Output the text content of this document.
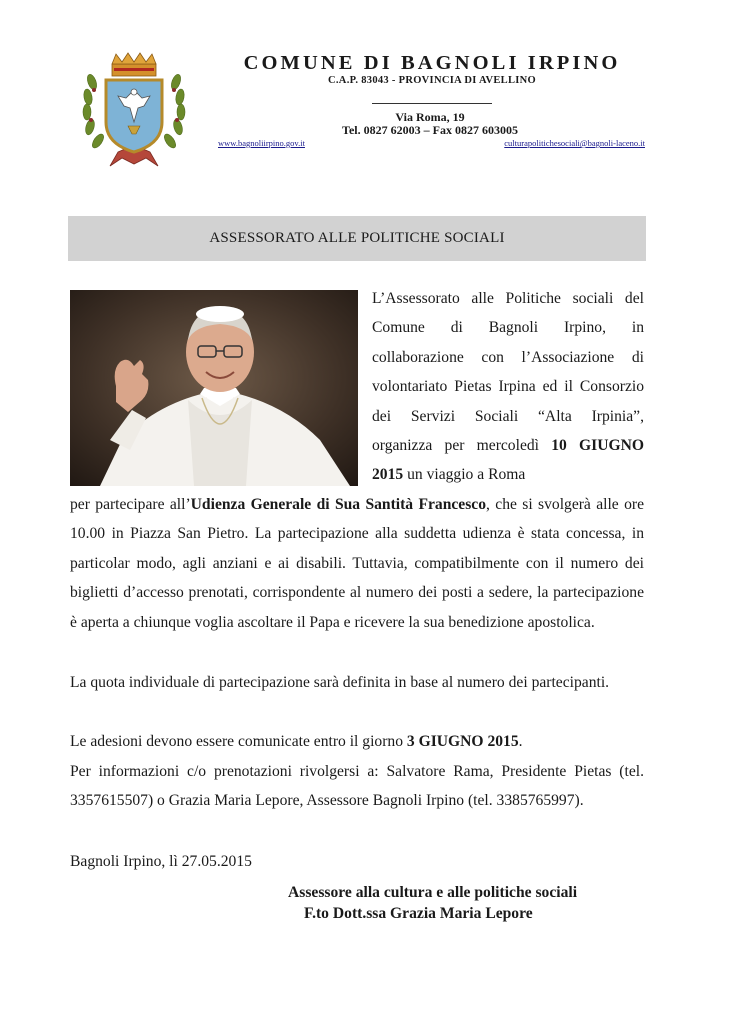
COMUNE DI BAGNOLI IRPINO
C.A.P. 83043 - PROVINCIA DI AVELLINO
Via Roma, 19
Tel. 0827 62003 – Fax 0827 603005
www.bagnoliirpino.gov.it	culturapolitichesociali@bagnoli-laceno.it
ASSESSORATO ALLE POLITICHE SOCIALI

L’Assessorato alle Politiche sociali del Comune di Bagnoli Irpino, in collaborazione con l’Associazione di volontariato Pietas Irpina ed il Consorzio dei Servizi Sociali “Alta Irpinia”, organizza per mercoledì 10 GIUGNO 2015 un viaggio a Roma

per partecipare all’Udienza Generale di Sua Santità Francesco, che si svolgerà alle ore 10.00 in Piazza San Pietro. La partecipazione alla suddetta udienza è stata concessa, in particolar modo, agli anziani e ai disabili. Tuttavia, compatibilmente con il numero dei biglietti d’accesso prenotati, corrispondente al numero dei posti a sedere, la partecipazione è aperta a chiunque voglia ascoltare il Papa e ricevere la sua benedizione apostolica.

La quota individuale di partecipazione sarà definita in base al numero dei partecipanti.

Le adesioni devono essere comunicate entro il giorno 3 GIUGNO 2015.

Per informazioni c/o prenotazioni rivolgersi a: Salvatore Rama, Presidente Pietas (tel. 3357615507) o Grazia Maria Lepore, Assessore Bagnoli Irpino (tel. 3385765997).

Bagnoli Irpino, lì 27.05.2015
Assessore alla cultura e alle politiche sociali
F.to Dott.ssa Grazia Maria Lepore
